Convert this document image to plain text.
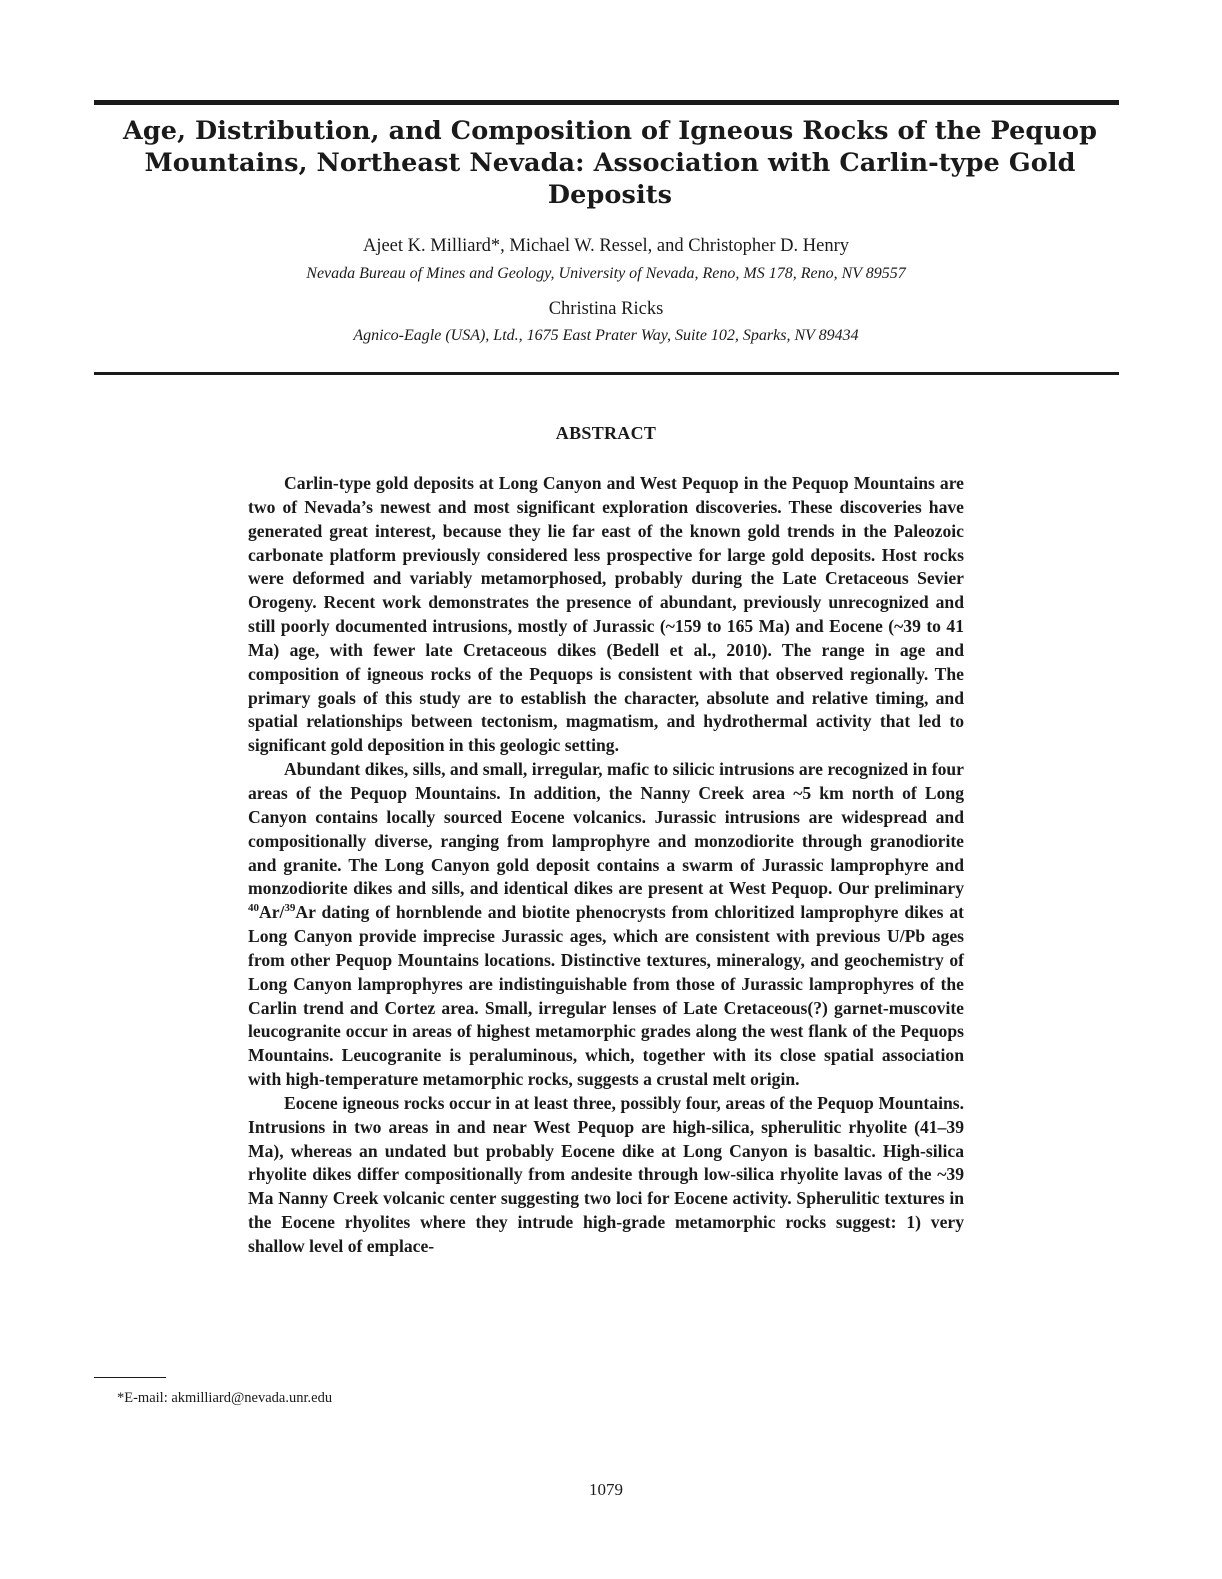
Age, Distribution, and Composition of Igneous Rocks of the Pequop Mountains, Northeast Nevada: Association with Carlin-type Gold Deposits
Ajeet K. Milliard*, Michael W. Ressel, and Christopher D. Henry
Nevada Bureau of Mines and Geology, University of Nevada, Reno, MS 178, Reno, NV 89557
Christina Ricks
Agnico-Eagle (USA), Ltd., 1675 East Prater Way, Suite 102, Sparks, NV 89434
ABSTRACT

Carlin-type gold deposits at Long Canyon and West Pequop in the Pequop Mountains are two of Nevada’s newest and most significant exploration discoveries. These discoveries have generated great interest, because they lie far east of the known gold trends in the Paleozoic carbonate platform previously considered less prospective for large gold deposits. Host rocks were deformed and variably metamorphosed, probably during the Late Cretaceous Sevier Orogeny. Recent work demonstrates the presence of abundant, previously unrecognized and still poorly documented intrusions, mostly of Jurassic (~159 to 165 Ma) and Eocene (~39 to 41 Ma) age, with fewer late Cretaceous dikes (Bedell et al., 2010). The range in age and composition of igneous rocks of the Pequops is consistent with that observed regionally. The primary goals of this study are to establish the character, absolute and relative timing, and spatial relationships between tectonism, magmatism, and hydrothermal activity that led to significant gold deposition in this geologic setting.

Abundant dikes, sills, and small, irregular, mafic to silicic intrusions are recognized in four areas of the Pequop Mountains. In addition, the Nanny Creek area ~5 km north of Long Canyon contains locally sourced Eocene volcanics. Jurassic intrusions are widespread and compositionally diverse, ranging from lamprophyre and monzodiorite through granodiorite and granite. The Long Canyon gold deposit contains a swarm of Jurassic lamprophyre and monzodiorite dikes and sills, and identical dikes are present at West Pequop. Our preliminary $^{40}$Ar/$^{39}$Ar dating of hornblende and biotite phenocrysts from chloritized lamprophyre dikes at Long Canyon provide imprecise Jurassic ages, which are consistent with previous U/Pb ages from other Pequop Mountains locations. Distinctive textures, mineralogy, and geochemistry of Long Canyon lamprophyres are indistinguishable from those of Jurassic lamprophyres of the Carlin trend and Cortez area. Small, irregular lenses of Late Cretaceous(?) garnet-muscovite leucogranite occur in areas of highest metamorphic grades along the west flank of the Pequops Mountains. Leucogranite is peraluminous, which, together with its close spatial association with high-temperature metamorphic rocks, suggests a crustal melt origin.

Eocene igneous rocks occur in at least three, possibly four, areas of the Pequop Mountains. Intrusions in two areas in and near West Pequop are high-silica, spherulitic rhyolite (41–39 Ma), whereas an undated but probably Eocene dike at Long Canyon is basaltic. High-silica rhyolite dikes differ compositionally from andesite through low-silica rhyolite lavas of the ~39 Ma Nanny Creek volcanic center suggesting two loci for Eocene activity. Spherulitic textures in the Eocene rhyolites where they intrude high-grade metamorphic rocks suggest: 1) very shallow level of emplace-

*E-mail: akmilliard@nevada.unr.edu
1079
